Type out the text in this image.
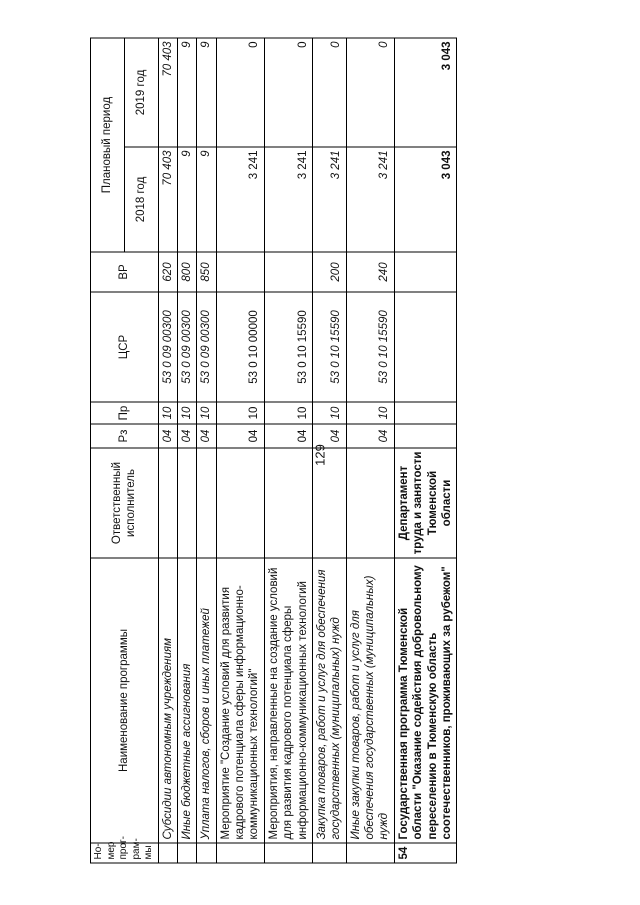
129
Но-мер прог-рам-мы	Наименование программы	Ответственный исполнитель	Рз	Пр	ЦСР	ВР	Плановый период	
							2018 год	2019 год
	Субсидии автономным учреждениям		04	10	53 0 09 00300	620	70 403	70 403
	Иные бюджетные ассигнования		04	10	53 0 09 00300	800	9	9
	Уплата налогов, сборов и иных платежей		04	10	53 0 09 00300	850	9	9
	Мероприятие "Создание условий для развития кадрового потенциала сферы информационно-коммуникационных технологий"		04	10	53 0 10 00000		3 241	0
	Мероприятия, направленные на создание условий для развития кадрового потенциала сферы информационно-коммуникационных технологий		04	10	53 0 10 15590		3 241	0
	Закупка товаров, работ и услуг для обеспечения государственных (муниципальных) нужд		04	10	53 0 10 15590	200	3 241	0
	Иные закупки товаров, работ и услуг для обеспечения государственных (муниципальных) нужд		04	10	53 0 10 15590	240	3 241	0
54	Государственная программа Тюменской области "Оказание содействия добровольному переселению в Тюменскую область соотечественников, проживающих за рубежом"	Департамент труда и занятости Тюменской области					3 043	3 043
